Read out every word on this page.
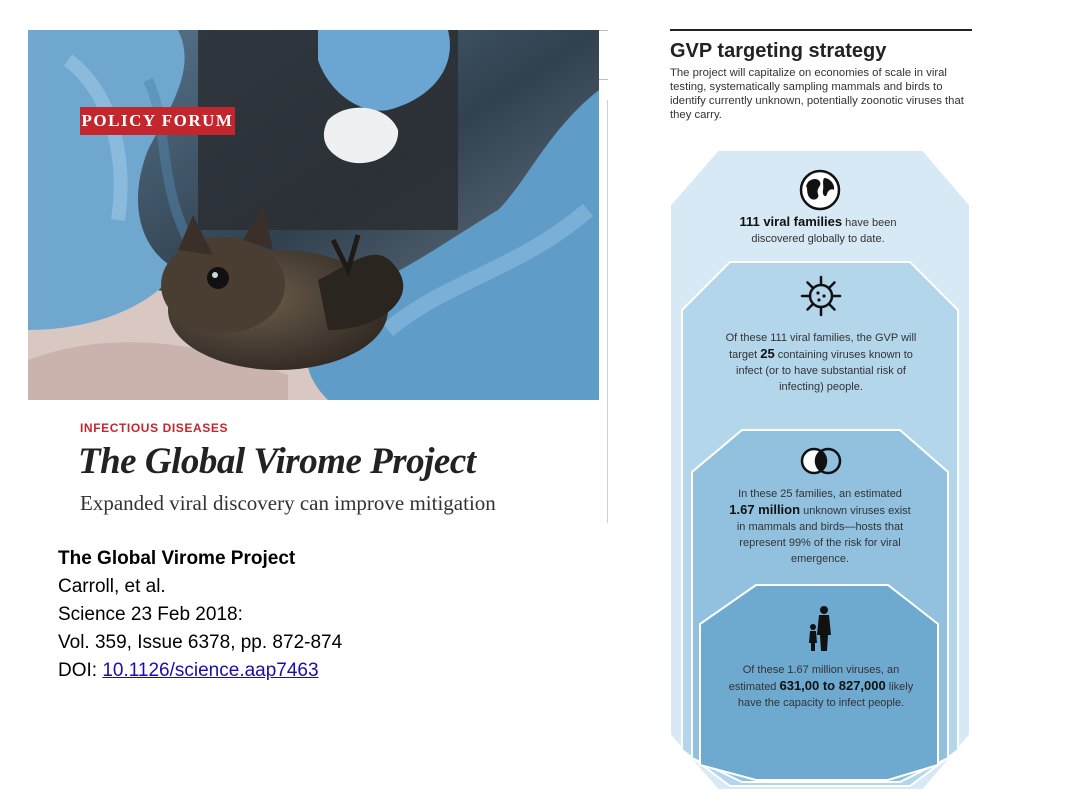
POLICY FORUM
INFECTIOUS DISEASES
The Global Virome Project
Expanded viral discovery can improve mitigation
The Global Virome Project
Carroll, et al.
Science 23 Feb 2018:
Vol. 359, Issue 6378, pp. 872-874
DOI: 10.1126/science.aap7463
GVP targeting strategy
The project will capitalize on economies of scale in viral testing, systematically sampling mammals and birds to identify currently unknown, potentially zoonotic viruses that they carry.
111 viral families have been discovered globally to date.
Of these 111 viral families, the GVP will target 25 containing viruses known to infect (or to have substantial risk of infecting) people.
In these 25 families, an estimated 1.67 million unknown viruses exist in mammals and birds—hosts that represent 99% of the risk for viral emergence.
Of these 1.67 million viruses, an estimated 631,00 to 827,000 likely have the capacity to infect people.
